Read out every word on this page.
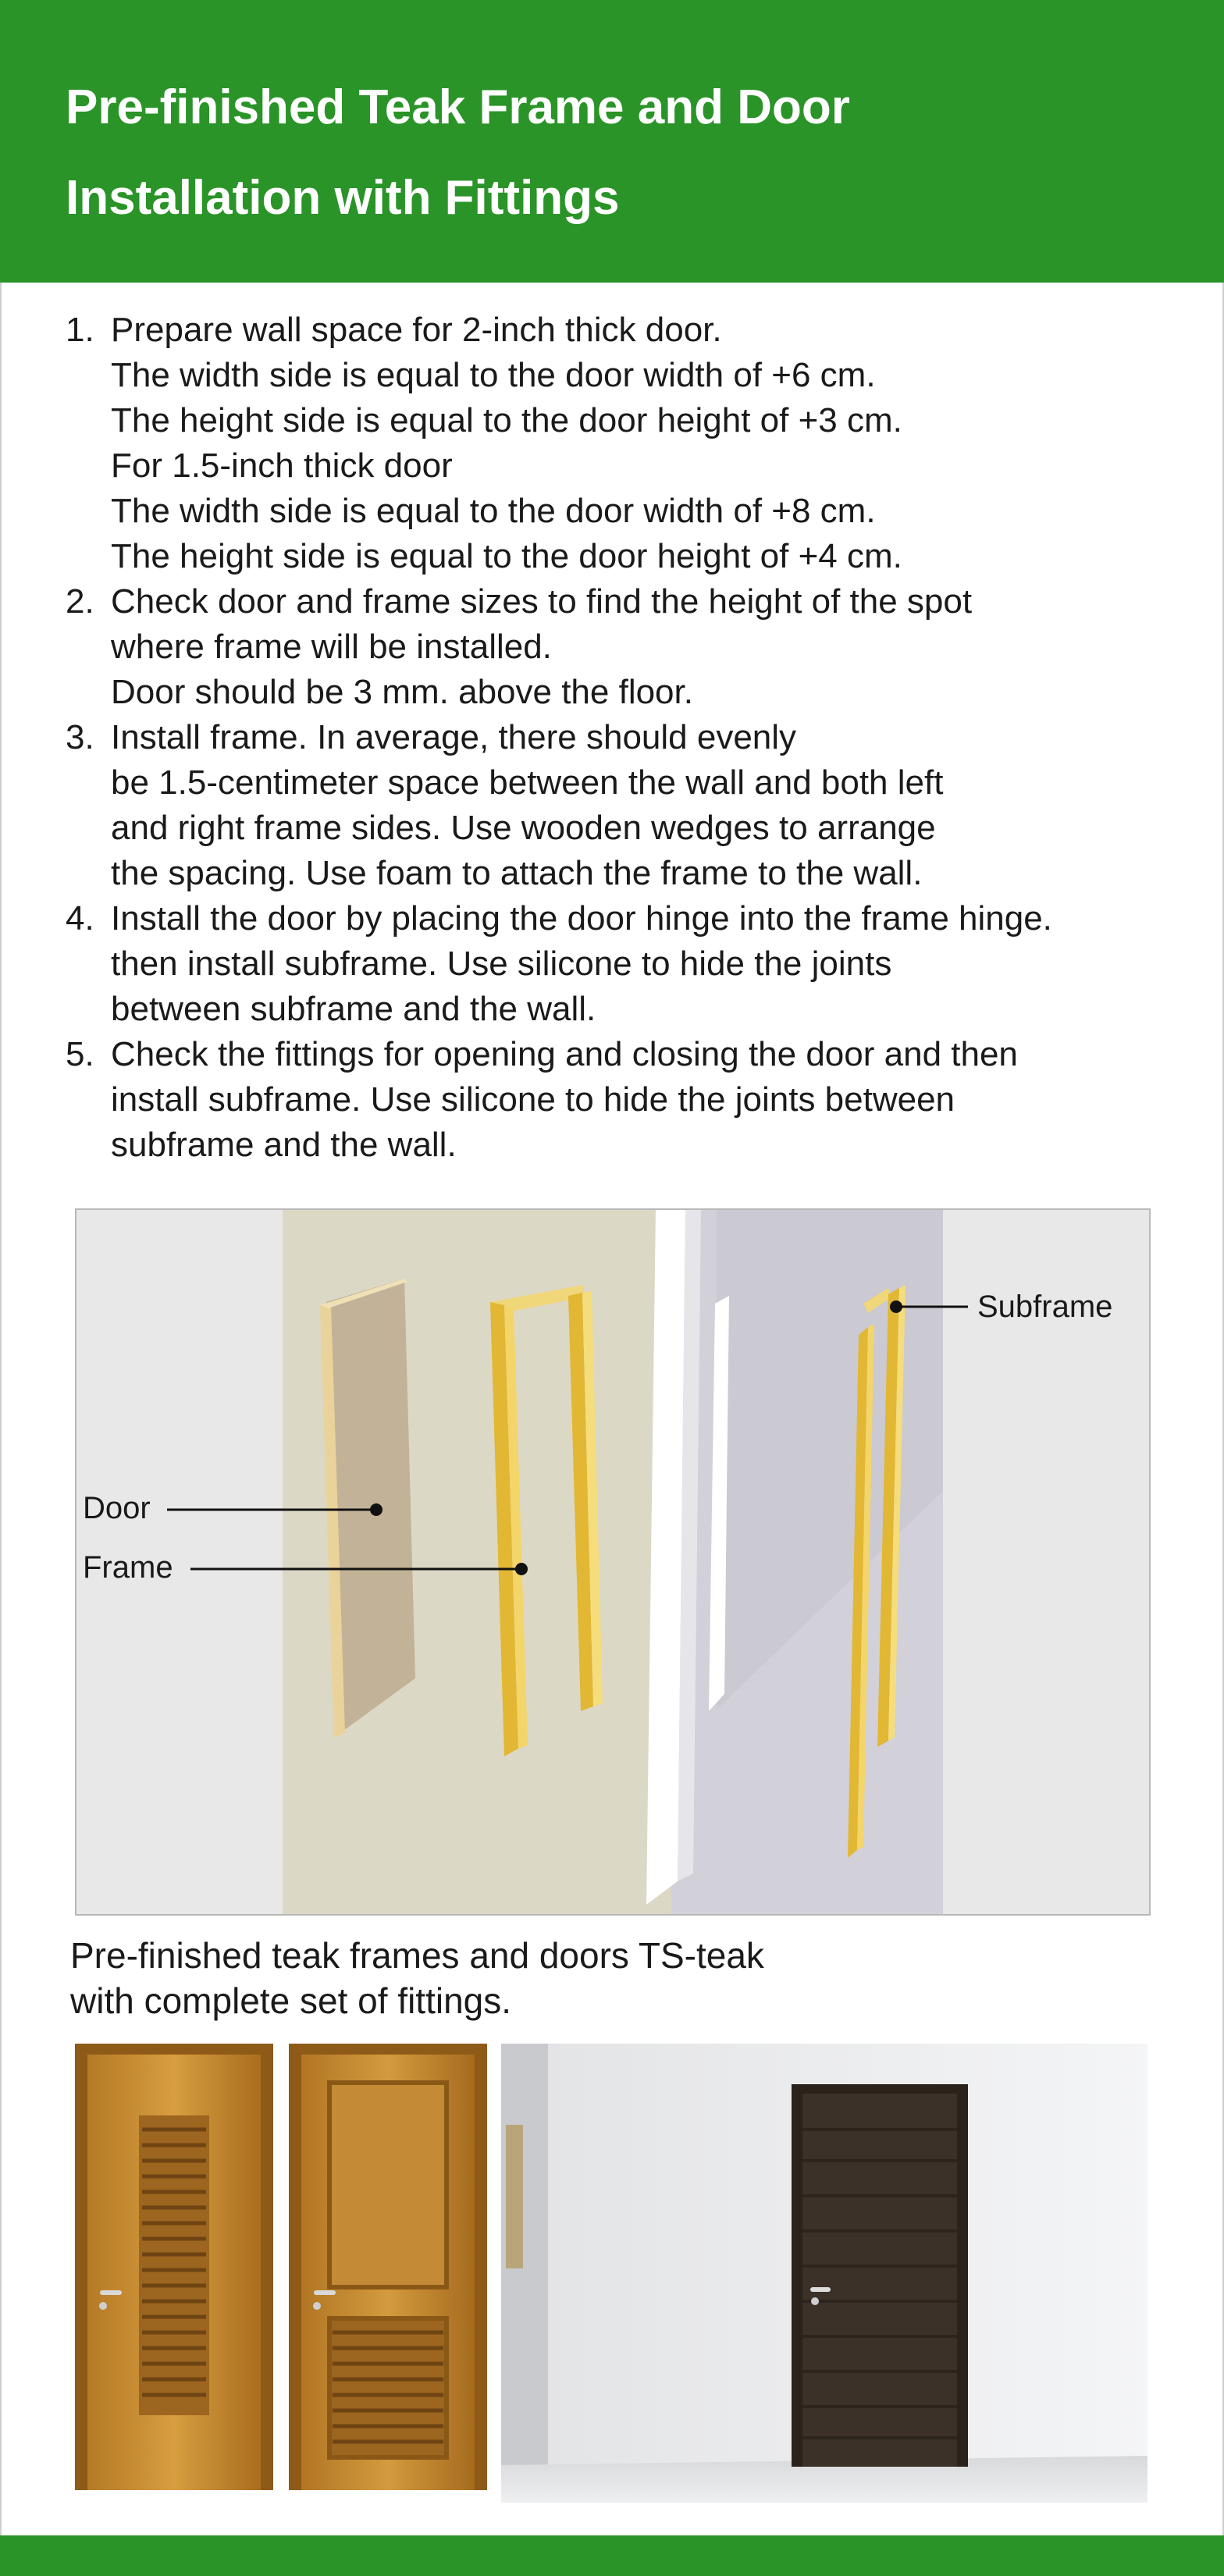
Pre-finished Teak Frame and Door
Installation with Fittings
1. Prepare wall space for 2-inch thick door.
The width side is equal to the door width of +6 cm.
The height side is equal to the door height of +3 cm.
For 1.5-inch thick door
The width side is equal to the door width of +8 cm.
The height side is equal to the door height of +4 cm.
2. Check door and frame sizes to find the height of the spot
where frame will be installed.
Door should be 3 mm. above the floor.
3. Install frame. In average, there should evenly
be 1.5-centimeter space between the wall and both left
and right frame sides. Use wooden wedges to arrange
the spacing. Use foam to attach the frame to the wall.
4. Install the door by placing the door hinge into the frame hinge.
then install subframe. Use silicone to hide the joints
between subframe and the wall.
5. Check the fittings for opening and closing the door and then
install subframe. Use silicone to hide the joints between
subframe and the wall.
Door
Frame
Subframe
Pre-finished teak frames and doors TS-teak
with complete set of fittings.
